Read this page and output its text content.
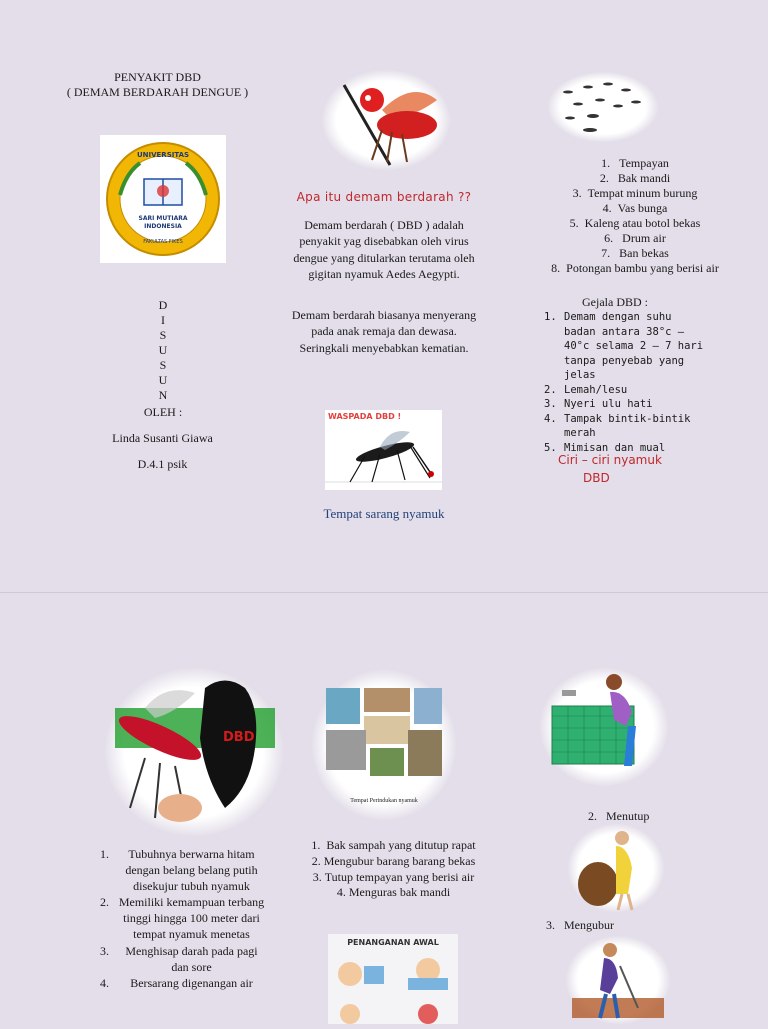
PENYAKIT DBD
( DEMAM BERDARAH DENGUE )
UNIVERSITAS
SARI MUTIARA
INDONESIA
FAKULTAS FIKES
D
I
S
U
S
U
N
OLEH :
Linda Susanti Giawa
D.4.1 psik
Apa itu demam berdarah ??
Demam berdarah ( DBD ) adalah penyakit yag disebabkan oleh virus dengue yang ditularkan terutama oleh gigitan nyamuk Aedes Aegypti.
Demam berdarah biasanya menyerang pada anak remaja dan dewasa. Seringkali menyebabkan kematian.
WASPADA DBD !
Tempat sarang nyamuk
1. Tempayan
2. Bak mandi
3. Tempat minum burung
4. Vas bunga
5. Kaleng atau botol bekas
6. Drum air
7. Ban bekas
8. Potongan bambu yang berisi air
Gejala DBD :
1. Demam dengan suhu badan antara 38°c – 40°c selama 2 – 7 hari tanpa penyebab yang jelas
2. Lemah/lesu
3. Nyeri ulu hati
4. Tampak bintik-bintik merah
5. Mimisan dan mual
Ciri – ciri nyamuk
DBD
DBD
1.	Tubuhnya berwarna hitam dengan belang belang putih disekujur tubuh nyamuk
2. Memiliki kemampuan terbang tinggi hingga 100 meter dari tempat nyamuk menetas
3.	Menghisap darah pada pagi dan sore
4.	Bersarang digenangan air
Tempat Perindukan nyamuk
1. Bak sampah yang ditutup rapat
2. Mengubur barang barang bekas
3. Tutup tempayan yang berisi air
4. Menguras bak mandi
PENANGANAN AWAL
2. Menutup
3. Mengubur
